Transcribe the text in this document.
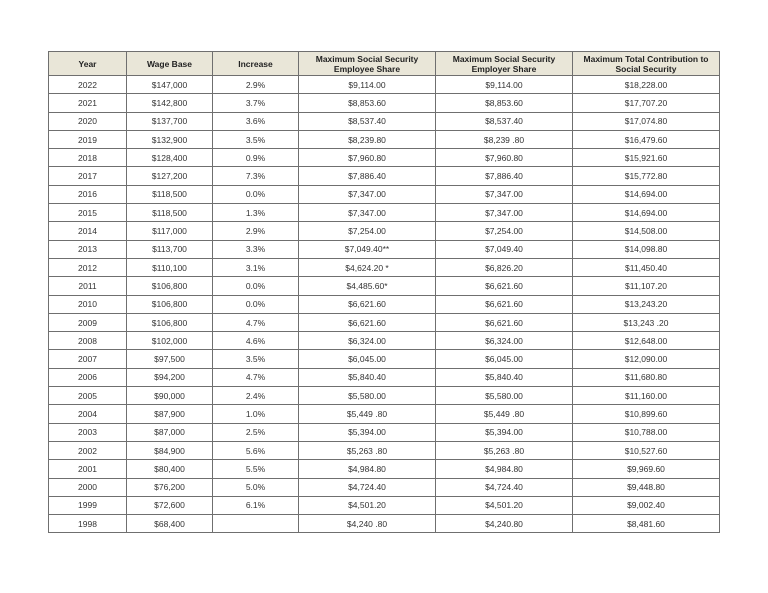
Year	Wage Base	Increase	Maximum Social Security Employee Share	Maximum Social Security Employer Share	Maximum Total Contribution to Social Security
2022	$147,000	2.9%	$9,114.00	$9,114.00	$18,228.00
2021	$142,800	3.7%	$8,853.60	$8,853.60	$17,707.20
2020	$137,700	3.6%	$8,537.40	$8,537.40	$17,074.80
2019	$132,900	3.5%	$8,239.80	$8,239 .80	$16,479.60
2018	$128,400	0.9%	$7,960.80	$7,960.80	$15,921.60
2017	$127,200	7.3%	$7,886.40	$7,886.40	$15,772.80
2016	$118,500	0.0%	$7,347.00	$7,347.00	$14,694.00
2015	$118,500	1.3%	$7,347.00	$7,347.00	$14,694.00
2014	$117,000	2.9%	$7,254.00	$7,254.00	$14,508.00
2013	$113,700	3.3%	$7,049.40**	$7,049.40	$14,098.80
2012	$110,100	3.1%	$4,624.20 *	$6,826.20	$11,450.40
2011	$106,800	0.0%	$4,485.60*	$6,621.60	$11,107.20
2010	$106,800	0.0%	$6,621.60	$6,621.60	$13,243.20
2009	$106,800	4.7%	$6,621.60	$6,621.60	$13,243 .20
2008	$102,000	4.6%	$6,324.00	$6,324.00	$12,648.00
2007	$97,500	3.5%	$6,045.00	$6,045.00	$12,090.00
2006	$94,200	4.7%	$5,840.40	$5,840.40	$11,680.80
2005	$90,000	2.4%	$5,580.00	$5,580.00	$11,160.00
2004	$87,900	1.0%	$5,449 .80	$5,449 .80	$10,899.60
2003	$87,000	2.5%	$5,394.00	$5,394.00	$10,788.00
2002	$84,900	5.6%	$5,263 .80	$5,263 .80	$10,527.60
2001	$80,400	5.5%	$4,984.80	$4,984.80	$9,969.60
2000	$76,200	5.0%	$4,724.40	$4,724.40	$9,448.80
1999	$72,600	6.1%	$4,501.20	$4,501.20	$9,002.40
1998	$68,400		$4,240 .80	$4,240.80	$8,481.60
